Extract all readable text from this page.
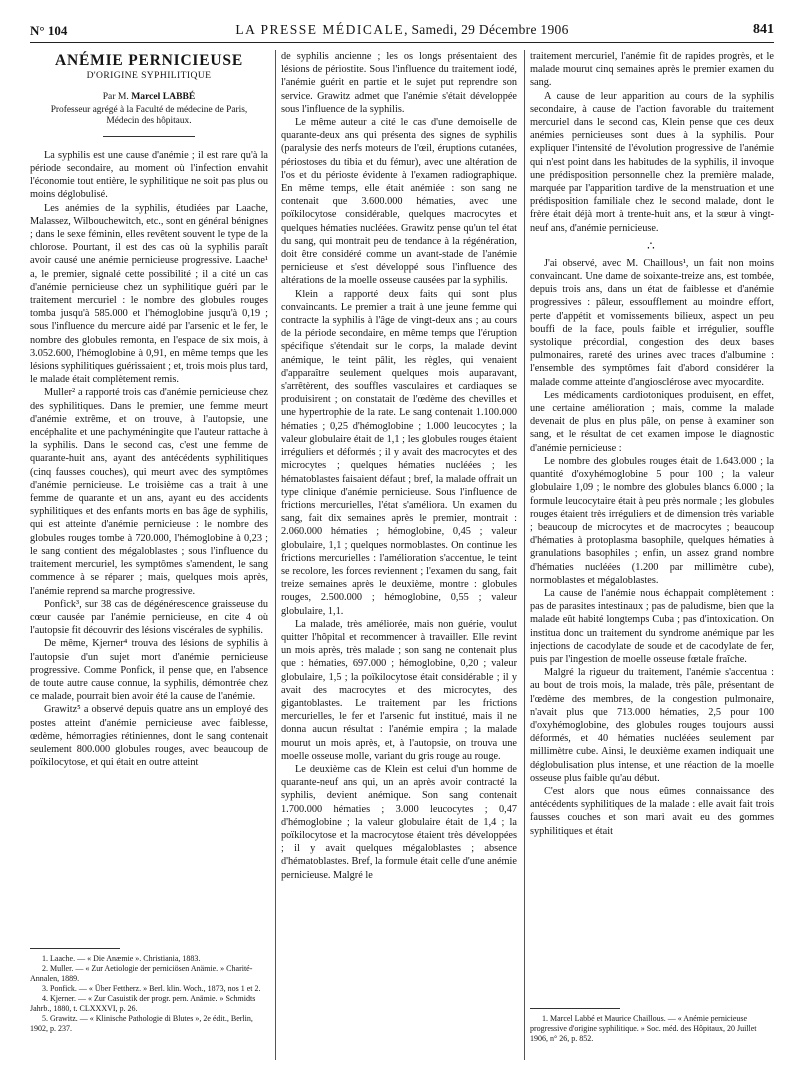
N° 104	LA PRESSE MÉDICALE, Samedi, 29 Décembre 1906	841
ANÉMIE PERNICIEUSE
D'ORIGINE SYPHILITIQUE
Par M. Marcel LABBÉ
Professeur agrégé à la Faculté de médecine de Paris,
Médecin des hôpitaux.

La syphilis est une cause d'anémie ; il est rare qu'à la période secondaire, au moment où l'infection envahit l'économie tout entière, le syphilitique ne soit pas plus ou moins déglobulisé.

Les anémies de la syphilis, étudiées par Laache, Malassez, Wilbouchewitch, etc., sont en général bénignes ; dans le sexe féminin, elles revêtent souvent le type de la chlorose. Pourtant, il est des cas où la syphilis paraît avoir causé une anémie pernicieuse progressive. Laache¹ a, le premier, signalé cette possibilité ; il a cité un cas d'anémie pernicieuse chez un syphilitique guéri par le traitement mercuriel : le nombre des globules rouges tomba jusqu'à 585.000 et l'hémoglobine jusqu'à 0,19 ; sous l'influence du mercure aidé par l'arsenic et le fer, le nombre des globules remonta, en l'espace de six mois, à 3.052.600, l'hémoglobine à 0,91, en même temps que les lésions syphilitiques guérissaient ; et, trois mois plus tard, le malade était complètement remis.

Muller² a rapporté trois cas d'anémie pernicieuse chez des syphilitiques. Dans le premier, une femme meurt d'anémie extrême, et on trouve, à l'autopsie, une encéphalite et une pachyméningite que l'auteur rattache à la syphilis. Dans le second cas, c'est une femme de quarante-huit ans, ayant des antécédents syphilitiques (cinq fausses couches), qui meurt avec des symptômes d'anémie pernicieuse. Le troisième cas a trait à une femme de quarante et un ans, ayant eu des accidents syphilitiques et des enfants morts en bas âge de syphilis, qui est atteinte d'anémie pernicieuse : le nombre des globules rouges tombe à 720.000, l'hémoglobine à 0,23 ; le sang contient des mégaloblastes ; sous l'influence du traitement mercuriel, les symptômes s'amendent, le sang commence à se réparer ; mais, quelques mois après, l'anémie reprend sa marche progressive.

Ponfick³, sur 38 cas de dégénérescence graisseuse du cœur causée par l'anémie pernicieuse, en cite 4 où l'autopsie fit découvrir des lésions viscérales de syphilis.

De même, Kjerner⁴ trouva des lésions de syphilis à l'autopsie d'un sujet mort d'anémie pernicieuse progressive. Comme Ponfick, il pense que, en l'absence de toute autre cause connue, la syphilis, démontrée chez ce malade, pourrait bien avoir été la cause de l'anémie.

Grawitz⁵ a observé depuis quatre ans un employé des postes atteint d'anémie pernicieuse avec faiblesse, œdème, hémorragies rétiniennes, dont le sang contenait seulement 800.000 globules rouges, avec beaucoup de poïkilocytose, et qui était en outre atteint

1. Laache. — « Die Anæmie ». Christiania, 1883.
2. Muller. — « Zur Aetiologie der perniciösen Anämie. » Charité-Annalen, 1889.
3. Ponfick. — « Über Fettherz. » Berl. klin. Woch., 1873, nos 1 et 2.
4. Kjerner. — « Zur Casuistik der progr. pern. Anämie. » Schmidts Jahrb., 1880, t. CLXXXVI, p. 26.
5. Grawitz. — « Klinische Pathologie di Blutes », 2e édit., Berlin, 1902, p. 237.

de syphilis ancienne ; les os longs présentaient des lésions de périostite. Sous l'influence du traitement iodé, l'anémie guérit en partie et le sujet put reprendre son service. Grawitz admet que l'anémie s'était développée sous l'influence de la syphilis.

Le même auteur a cité le cas d'une demoiselle de quarante-deux ans qui présenta des signes de syphilis (paralysie des nerfs moteurs de l'œil, éruptions cutanées, périostoses du tibia et du fémur), avec une altération de l'os et du périoste évidente à l'examen radiographique. En même temps, elle était anémiée : son sang ne contenait que 3.600.000 hématies, avec une poïkilocytose considérable, quelques macrocytes et quelques hématies nucléées. Grawitz pense qu'un tel état du sang, qui montrait peu de tendance à la régénération, doit être considéré comme un avant-stade de l'anémie pernicieuse et s'est développé sous l'influence des altérations de la moelle osseuse causées par la syphilis.

Klein a rapporté deux faits qui sont plus convaincants. Le premier a trait à une jeune femme qui contracte la syphilis à l'âge de vingt-deux ans ; au cours de la période secondaire, en même temps que l'éruption spécifique s'étendait sur le corps, la malade devint anémique, le teint pâlit, les règles, qui venaient d'apparaître seulement quelques mois auparavant, s'arrêtèrent, des souffles vasculaires et cardiaques se produisirent ; on constatait de l'œdème des chevilles et une hypertrophie de la rate. Le sang contenait 1.100.000 hématies ; 0,25 d'hémoglobine ; 1.000 leucocytes ; la valeur globulaire était de 1,1 ; les globules rouges étaient irréguliers et déformés ; il y avait des macrocytes et des microcytes ; quelques hématies nucléées ; les hématoblastes faisaient défaut ; bref, la malade offrait un type clinique d'anémie pernicieuse. Sous l'influence de frictions mercurielles, l'état s'améliora. Un examen du sang, fait dix semaines après le premier, montrait : 2.060.000 hématies ; hémoglobine, 0,45 ; valeur globulaire, 1,1 ; quelques normoblastes. On continue les frictions mercurielles : l'amélioration s'accentue, le teint se recolore, les forces reviennent ; l'examen du sang, fait treize semaines après le deuxième, montre : globules rouges, 2.500.000 ; hémoglobine, 0,55 ; valeur globulaire, 1,1.

La malade, très améliorée, mais non guérie, voulut quitter l'hôpital et recommencer à travailler. Elle revint un mois après, très malade ; son sang ne contenait plus que : hématies, 697.000 ; hémoglobine, 0,20 ; valeur globulaire, 1,5 ; la poïkilocytose était considérable ; il y avait des macrocytes et des microcytes, des gigantoblastes. Le traitement par les frictions mercurielles, le fer et l'arsenic fut institué, mais il ne donna aucun résultat : l'anémie empira ; la malade mourut un mois après, et, à l'autopsie, on trouva une moelle osseuse molle, variant du gris rouge au rouge.

Le deuxième cas de Klein est celui d'un homme de quarante-neuf ans qui, un an après avoir contracté la syphilis, devient anémique. Son sang contenait 1.700.000 hématies ; 3.000 leucocytes ; 0,47 d'hémoglobine ; la valeur globulaire était de 1,4 ; la poïkilocytose et la macrocytose étaient très développées ; il y avait quelques mégaloblastes ; absence d'hématoblastes. Bref, la formule était celle d'une anémie pernicieuse. Malgré le

traitement mercuriel, l'anémie fit de rapides progrès, et le malade mourut cinq semaines après le premier examen du sang.

A cause de leur apparition au cours de la syphilis secondaire, à cause de l'action favorable du traitement mercuriel dans le second cas, Klein pense que ces deux anémies pernicieuses sont dues à la syphilis. Pour expliquer l'intensité de l'évolution progressive de l'anémie qui n'est point dans les habitudes de la syphilis, il invoque une prédisposition personnelle chez la première malade, marquée par l'apparition tardive de la menstruation et une prédisposition familiale chez le second malade, dont le frère était déjà mort à trente-huit ans, et la sœur à vingt-neuf ans, d'anémie pernicieuse.

∴

J'ai observé, avec M. Chaillous¹, un fait non moins convaincant. Une dame de soixante-treize ans, est tombée, depuis trois ans, dans un état de faiblesse et d'anémie progressives : pâleur, essoufflement au moindre effort, perte d'appétit et vomissements bilieux, aspect un peu bouffi de la face, pouls faible et irrégulier, souffle systolique précordial, congestion des deux bases pulmonaires, rareté des urines avec traces d'albumine : l'ensemble des symptômes fait d'abord considérer la malade comme atteinte d'angiosclérose avec myocardite.

Les médicaments cardiotoniques produisent, en effet, une certaine amélioration ; mais, comme la malade devenait de plus en plus pâle, on pense à examiner son sang, et le résultat de cet examen impose le diagnostic d'anémie pernicieuse :

Le nombre des globules rouges était de 1.643.000 ; la quantité d'oxyhémoglobine 5 pour 100 ; la valeur globulaire 1,09 ; le nombre des globules blancs 6.000 ; la formule leucocytaire était à peu près normale ; les globules rouges étaient très irréguliers et de dimension très variable ; beaucoup de microcytes et de macrocytes ; beaucoup d'hématies à protoplasma basophile, quelques hématies à granulations basophiles ; enfin, un assez grand nombre d'hématies nucléées (1.200 par millimètre cube), normoblastes et mégaloblastes.

La cause de l'anémie nous échappait complètement : pas de parasites intestinaux ; pas de paludisme, bien que la malade eût habité longtemps Cuba ; pas d'intoxication. On institua donc un traitement du syndrome anémique par les injections de cacodylate de soude et de cacodylate de fer, puis par l'ingestion de moelle osseuse fœtale fraîche.

Malgré la rigueur du traitement, l'anémie s'accentua : au bout de trois mois, la malade, très pâle, présentant de l'œdème des membres, de la congestion pulmonaire, n'avait plus que 713.000 hématies, 2,5 pour 100 d'oxyhémoglobine, des globules rouges toujours aussi déformés, et 40 hématies nucléées seulement par millimètre cube. Ainsi, le deuxième examen indiquait une déglobulisation plus intense, et une réaction de la moelle osseuse plus faible qu'au début.

C'est alors que nous eûmes connaissance des antécédents syphilitiques de la malade : elle avait fait trois fausses couches et son mari avait eu des gommes syphilitiques et était

1. Marcel Labbé et Maurice Chaillous. — « Anémie pernicieuse progressive d'origine syphilitique. » Soc. méd. des Hôpitaux, 20 Juillet 1906, n° 26, p. 852.
